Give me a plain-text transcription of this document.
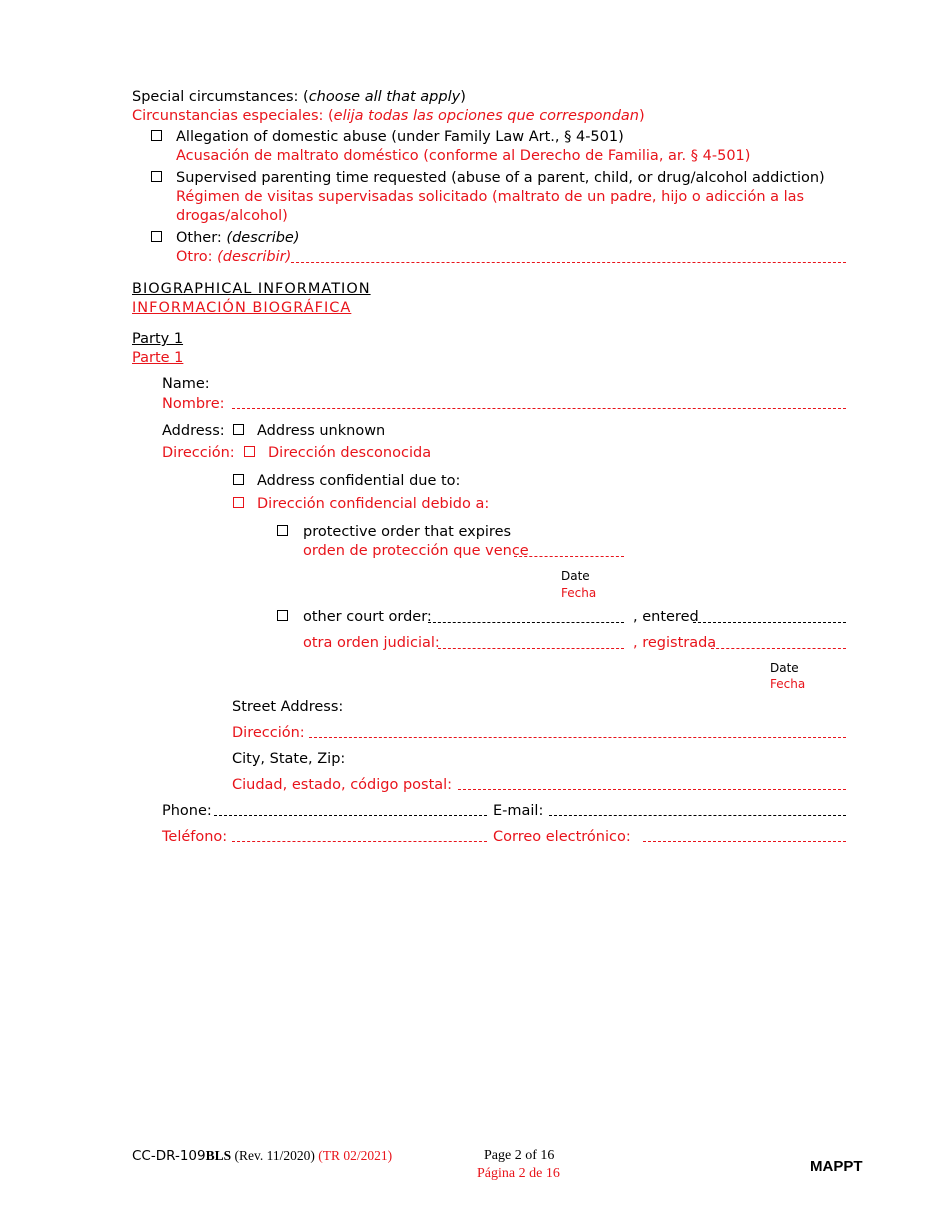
Special circumstances: (choose all that apply)
Circunstancias especiales: (elija todas las opciones que correspondan)
Allegation of domestic abuse (under Family Law Art., § 4-501)
Acusación de maltrato doméstico (conforme al Derecho de Familia, ar. § 4-501)
Supervised parenting time requested (abuse of a parent, child, or drug/alcohol addiction)
Régimen de visitas supervisadas solicitado (maltrato de un padre, hijo o adicción a las
drogas/alcohol)
Other: (describe)
Otro: (describir)
BIOGRAPHICAL INFORMATION
INFORMACIÓN BIOGRÁFICA
Party 1
Parte 1
Name:
Nombre:
Address: Address unknown
Dirección: Dirección desconocida
Address confidential due to:
Dirección confidencial debido a:
protective order that expires
orden de protección que vence
Date
Fecha
other court order:	, entered
otra orden judicial:	, registrada
Date
Fecha
Street Address:
Dirección:
City, State, Zip:
Ciudad, estado, código postal:
Phone:	E-mail:
Teléfono:	Correo electrónico:
CC-DR-109BLS (Rev. 11/2020) (TR 02/2021)	Page 2 of 16
Página 2 de 16	MAPPT
